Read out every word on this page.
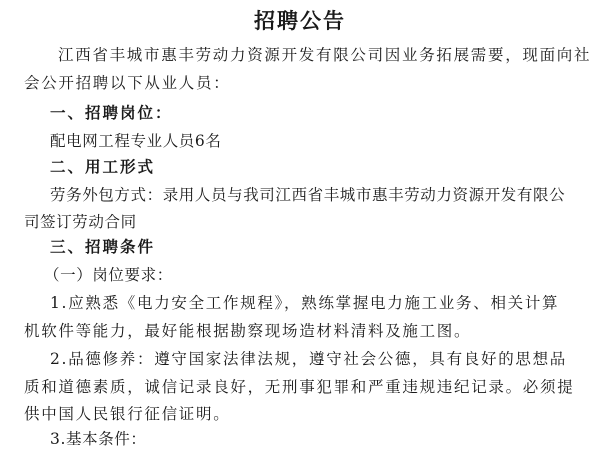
招聘公告
江西省丰城市惠丰劳动力资源开发有限公司因业务拓展需要，现面向社
会公开招聘以下从业人员：
一、招聘岗位：
配电网工程专业人员6名
二、用工形式
劳务外包方式：录用人员与我司江西省丰城市惠丰劳动力资源开发有限公
司签订劳动合同
三、招聘条件
（一）岗位要求：
1.应熟悉《电力安全工作规程》，熟练掌握电力施工业务、相关计算
机软件等能力，最好能根据勘察现场造材料清料及施工图。
2.品德修养：遵守国家法律法规，遵守社会公德，具有良好的思想品
质和道德素质，诚信记录良好，无刑事犯罪和严重违规违纪记录。必须提
供中国人民银行征信证明。
3.基本条件：
